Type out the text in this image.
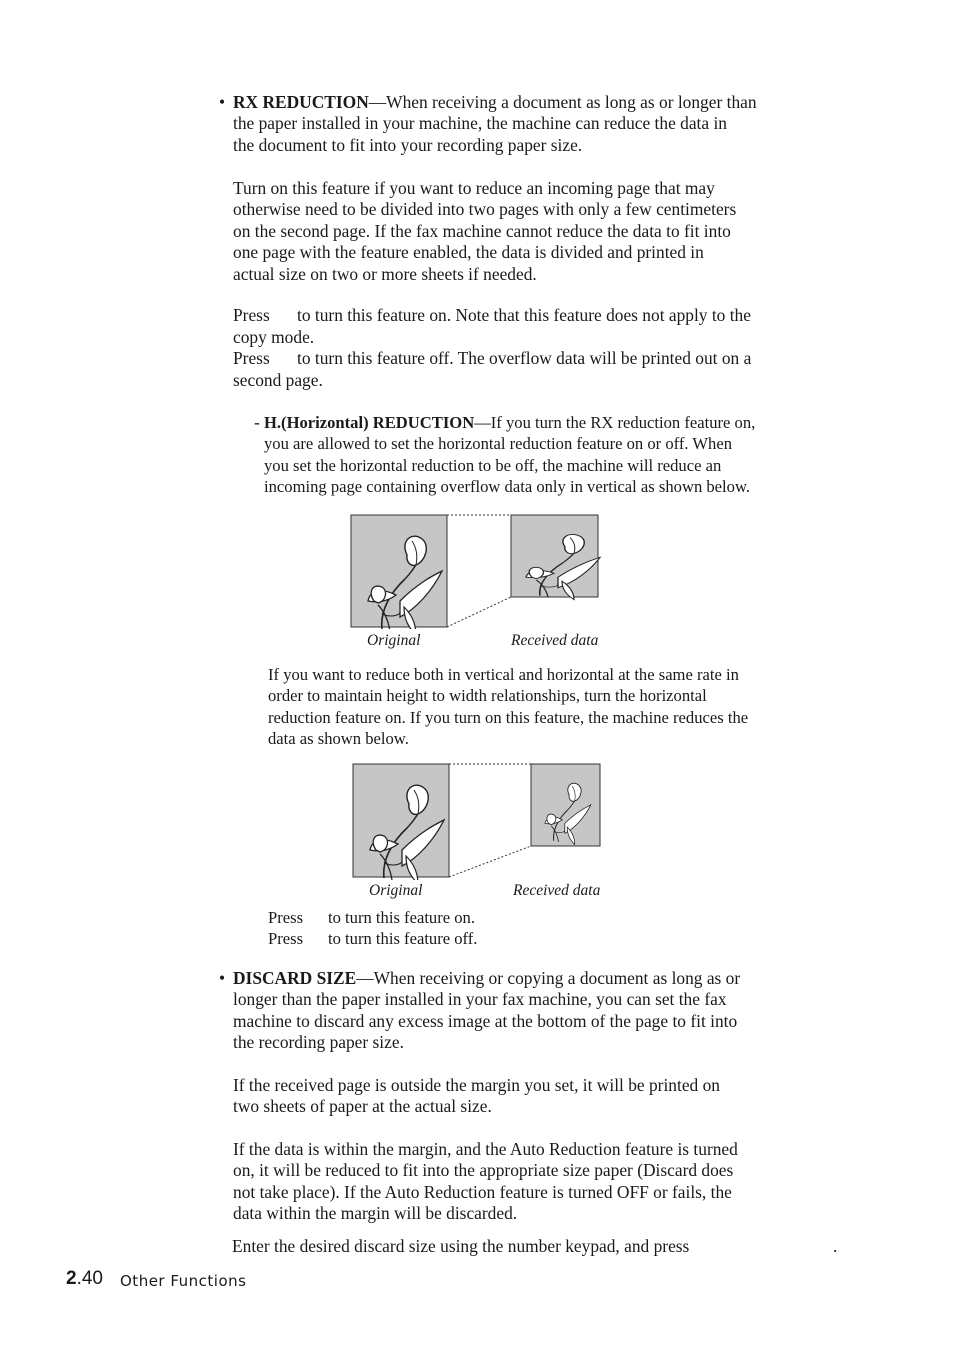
• RX REDUCTION—When receiving a document as long as or longer than
the paper installed in your machine, the machine can reduce the data in
the document to fit into your recording paper size.
Turn on this feature if you want to reduce an incoming page that may
otherwise need to be divided into two pages with only a few centimeters
on the second page. If the fax machine cannot reduce the data to fit into
one page with the feature enabled, the data is divided and printed in
actual size on two or more sheets if needed.
Press to turn this feature on. Note that this feature does not apply to the
copy mode.
Press to turn this feature off. The overflow data will be printed out on a
second page.
- H.(Horizontal) REDUCTION—If you turn the RX reduction feature on,
you are allowed to set the horizontal reduction feature on or off. When
you set the horizontal reduction to be off, the machine will reduce an
incoming page containing overflow data only in vertical as shown below.
Original	Received data
If you want to reduce both in vertical and horizontal at the same rate in
order to maintain height to width relationships, turn the horizontal
reduction feature on. If you turn on this feature, the machine reduces the
data as shown below.
Original	Received data
Press to turn this feature on.
Press to turn this feature off.
• DISCARD SIZE—When receiving or copying a document as long as or
longer than the paper installed in your fax machine, you can set the fax
machine to discard any excess image at the bottom of the page to fit into
the recording paper size.
If the received page is outside the margin you set, it will be printed on
two sheets of paper at the actual size.
If the data is within the margin, and the Auto Reduction feature is turned
on, it will be reduced to fit into the appropriate size paper (Discard does
not take place). If the Auto Reduction feature is turned OFF or fails, the
data within the margin will be discarded.
Enter the desired discard size using the number keypad, and press	.
2.40 Other Functions
